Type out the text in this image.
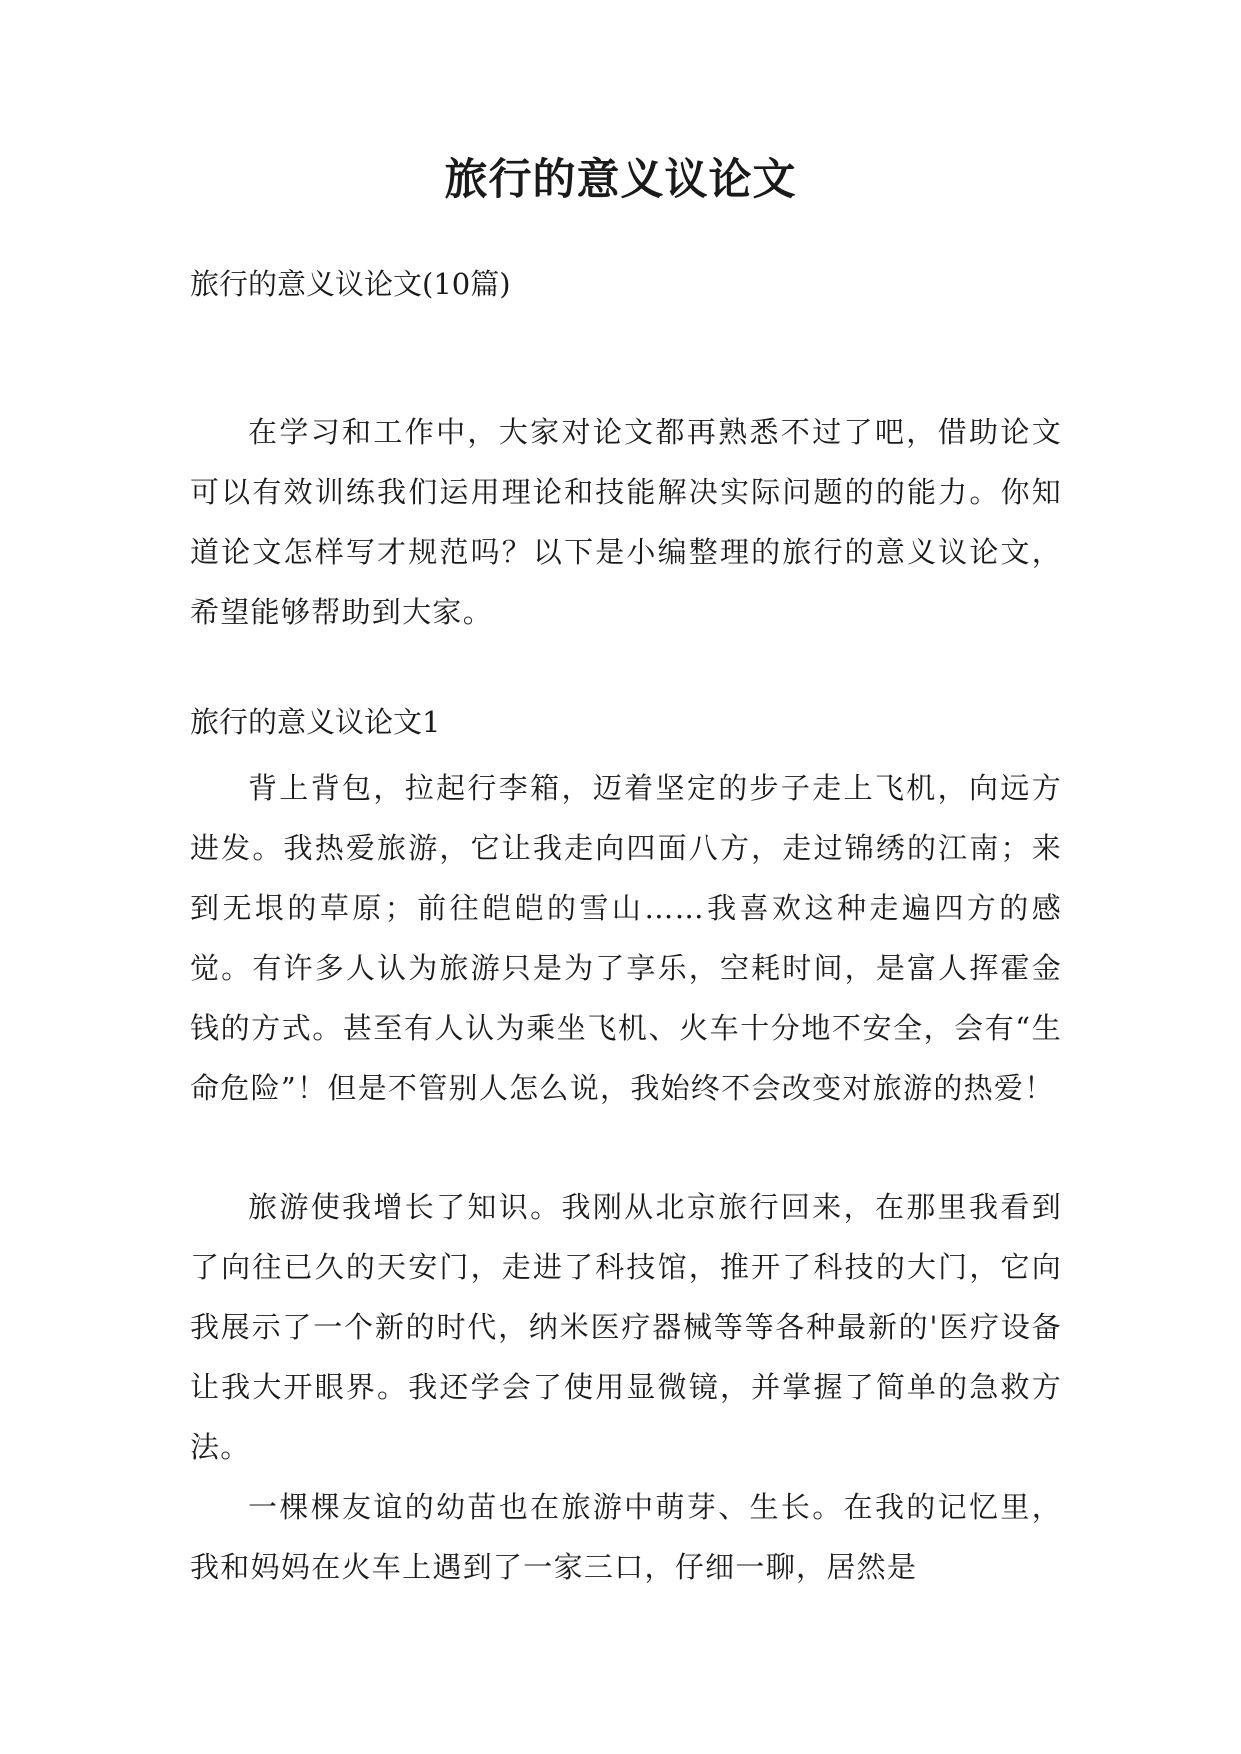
旅行的意义议论文

旅行的意义议论文(10篇)

在学习和工作中，大家对论文都再熟悉不过了吧，借助论文可以有效训练我们运用理论和技能解决实际问题的的能力。你知道论文怎样写才规范吗？以下是小编整理的旅行的意义议论文，希望能够帮助到大家。

旅行的意义议论文1

背上背包，拉起行李箱，迈着坚定的步子走上飞机，向远方进发。我热爱旅游，它让我走向四面八方，走过锦绣的江南；来到无垠的草原；前往皑皑的雪山……我喜欢这种走遍四方的感觉。有许多人认为旅游只是为了享乐，空耗时间，是富人挥霍金钱的方式。甚至有人认为乘坐飞机、火车十分地不安全，会有“生命危险”！但是不管别人怎么说，我始终不会改变对旅游的热爱！

旅游使我增长了知识。我刚从北京旅行回来，在那里我看到了向往已久的天安门，走进了科技馆，推开了科技的大门，它向我展示了一个新的时代，纳米医疗器械等等各种最新的'医疗设备让我大开眼界。我还学会了使用显微镜，并掌握了简单的急救方法。

一棵棵友谊的幼苗也在旅游中萌芽、生长。在我的记忆里，我和妈妈在火车上遇到了一家三口，仔细一聊，居然是
